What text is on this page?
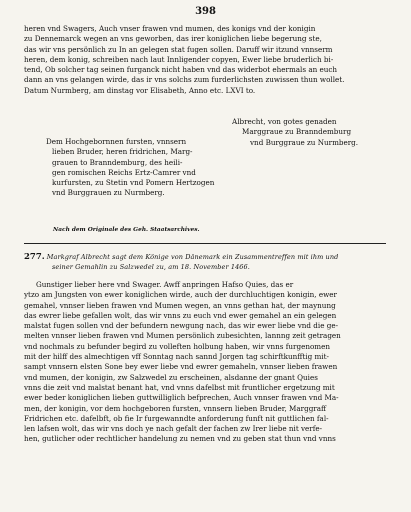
398
heren vnd Swagers, Auch vnser frawen vnd mumen, des konigs vnd der konigin
zu Dennemarck wegen an vns geworben, das irer koniglichen liebe begerung ste,
das wir vns persönlich zu In an gelegen stat fugen sollen. Daruff wir itzund vnnserm
heren, dem konig, schreiben nach laut Innligender copyen, Ewer liebe bruderlich bi-
tend, Ob solcher tag seinen furganck nicht haben vnd das widerbot ehermals an euch
dann an vns gelangen wirde, das ir vns solchs zum furderlichsten zuwissen thun wollet.
Datum Nurmberg, am dinstag vor Elisabeth, Anno etc. LXVI to.
Albrecht, von gotes genaden
Marggraue zu Branndemburg
vnd Burggraue zu Nurmberg.
Dem Hochgebornnen fursten, vnnsern
lieben Bruder, heren fridrichen, Marg-
grauen to Branndemburg, des heili-
gen romischen Reichs Ertz-Camrer vnd
kurfursten, zu Stetin vnd Pomern Hertzogen
vnd Burggrauen zu Nurmberg.
Nach dem Originale des Geh. Staatsarchives.
277. Markgraf Albrecht sagt dem Könige von Dänemark ein Zusammentreffen mit ihm und
seiner Gemahlin zu Salzwedel zu, am 18. November 1466.
Gunstiger lieber here vnd Swager. Awff anpringen Hafso Quies, das er
ytzo am Jungsten von ewer koniglichen wirde, auch der durchluchtigen konigin, ewer
gemahel, vnnser lieben frawen vnd Mumen wegen, an vnns gethan hat, der maynung
das ewrer liebe gefallen wolt, das wir vnns zu euch vnd ewer gemahel an ein gelegen
malstat fugen sollen vnd der befundern newgung nach, das wir ewer liebe vnd die ge-
melten vnnser lieben frawen vnd Mumen persönlich zubesichten, lannng zeit getragen
vnd nochmals zu befunder begird zu volleften holbung haben, wir vnns furgenomen
mit der hilff des almechtigen vff Sonntag nach sannd Jorgen tag schirftkunfftig mit-
sampt vnnsern elsten Sone bey ewer liebe vnd ewrer gemaheln, vnnser lieben frawen
vnd mumen, der konigin, zw Salzwedel zu erscheinen, alsdanne der gnant Quies
vnns die zeit vnd malstat benant hat, vnd vnns dafelbst mit fruntlicher ergetzung mit
ewer beder koniglichen lieben guttwilliglich befprechen, Auch vnnser frawen vnd Ma-
men, der konigin, vor dem hochgeboren fursten, vnnsern lieben Bruder, Marggraff
Fridrichen etc. dafelbft, ob fie Ir furgewanndte anforderung funft nit guttlichen fal-
len lafsen wolt, das wir vns doch ye nach gefalt der fachen zw Irer liebe nit verfe-
hen, gutlicher oder rechtlicher handelung zu nemen vnd zu geben stat thun vnd vnns
